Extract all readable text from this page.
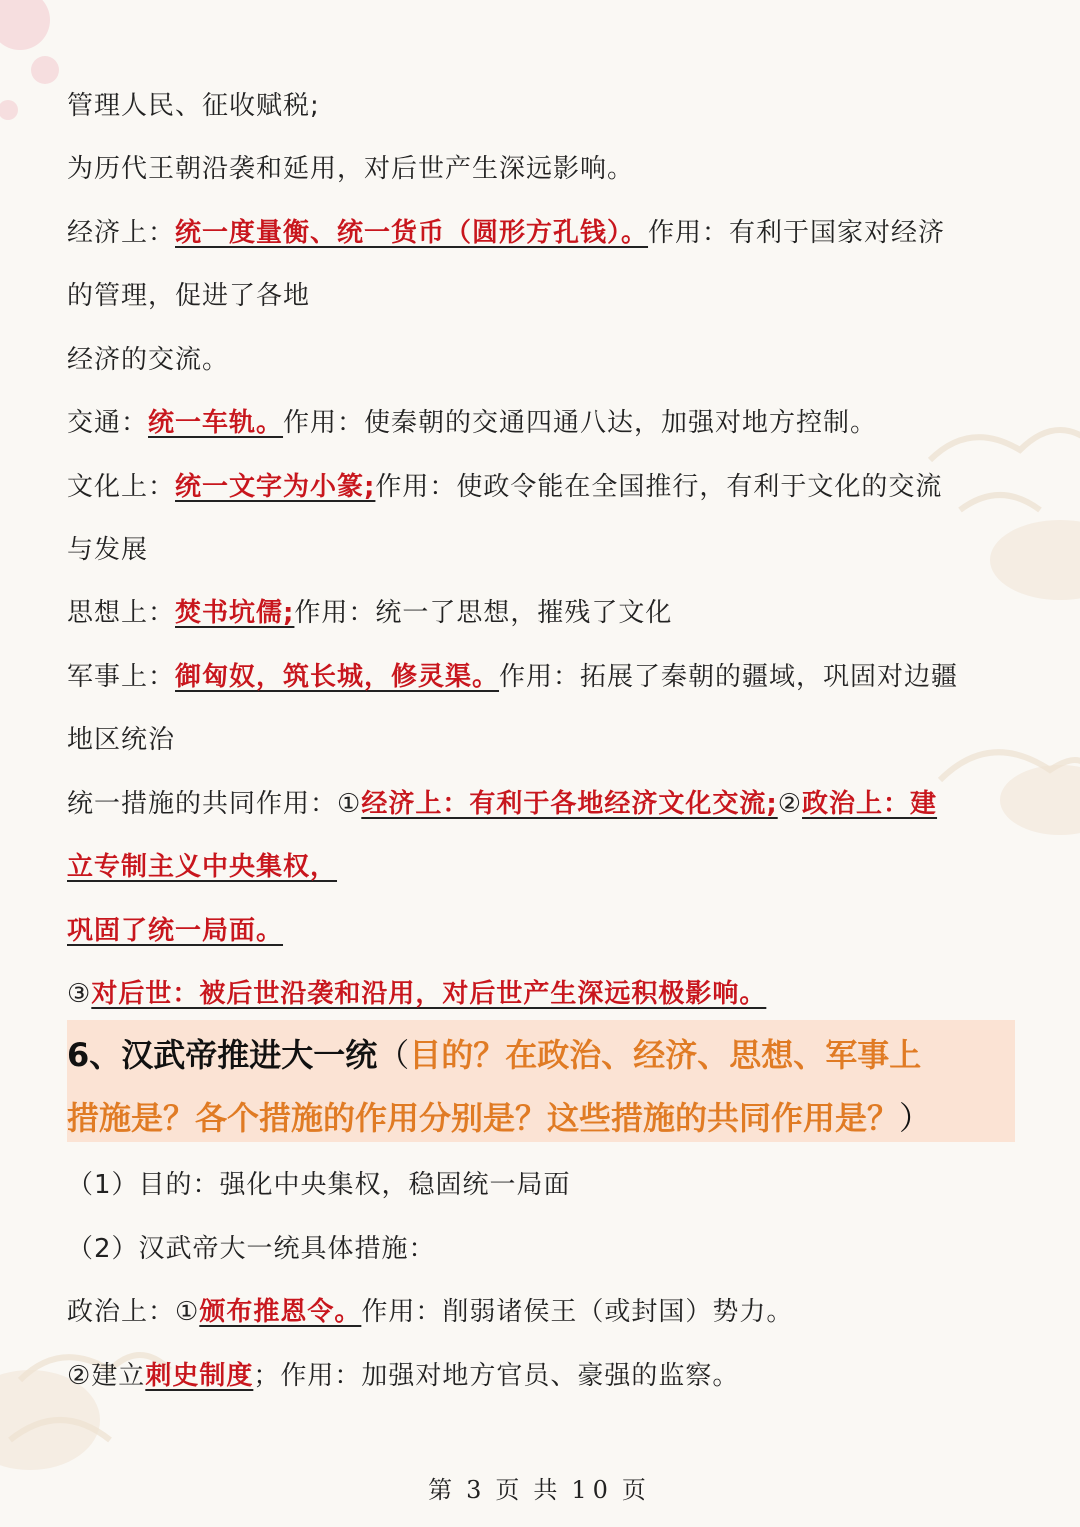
管理人民、征收赋税;
为历代王朝沿袭和延用，对后世产生深远影响。
经济上：统一度量衡、统一货币（圆形方孔钱）。作用：有利于国家对经济
的管理，促进了各地
经济的交流。
交通：统一车轨。作用：使秦朝的交通四通八达，加强对地方控制。
文化上：统一文字为小篆;作用：使政令能在全国推行，有利于文化的交流
与发展
思想上：焚书坑儒;作用：统一了思想，摧残了文化
军事上：御匈奴，筑长城，修灵渠。作用：拓展了秦朝的疆域，巩固对边疆
地区统治
统一措施的共同作用：①经济上：有利于各地经济文化交流;②政治上：建
立专制主义中央集权，
巩固了统一局面。
③对后世：被后世沿袭和沿用，对后世产生深远积极影响。
6、汉武帝推进大一统（目的？在政治、经济、思想、军事上
措施是？各个措施的作用分别是？这些措施的共同作用是？）
（1）目的：强化中央集权，稳固统一局面
（2）汉武帝大一统具体措施：
政治上：①颁布推恩令。作用：削弱诸侯王（或封国）势力。
②建立刺史制度；作用：加强对地方官员、豪强的监察。
第 3 页 共 10 页
